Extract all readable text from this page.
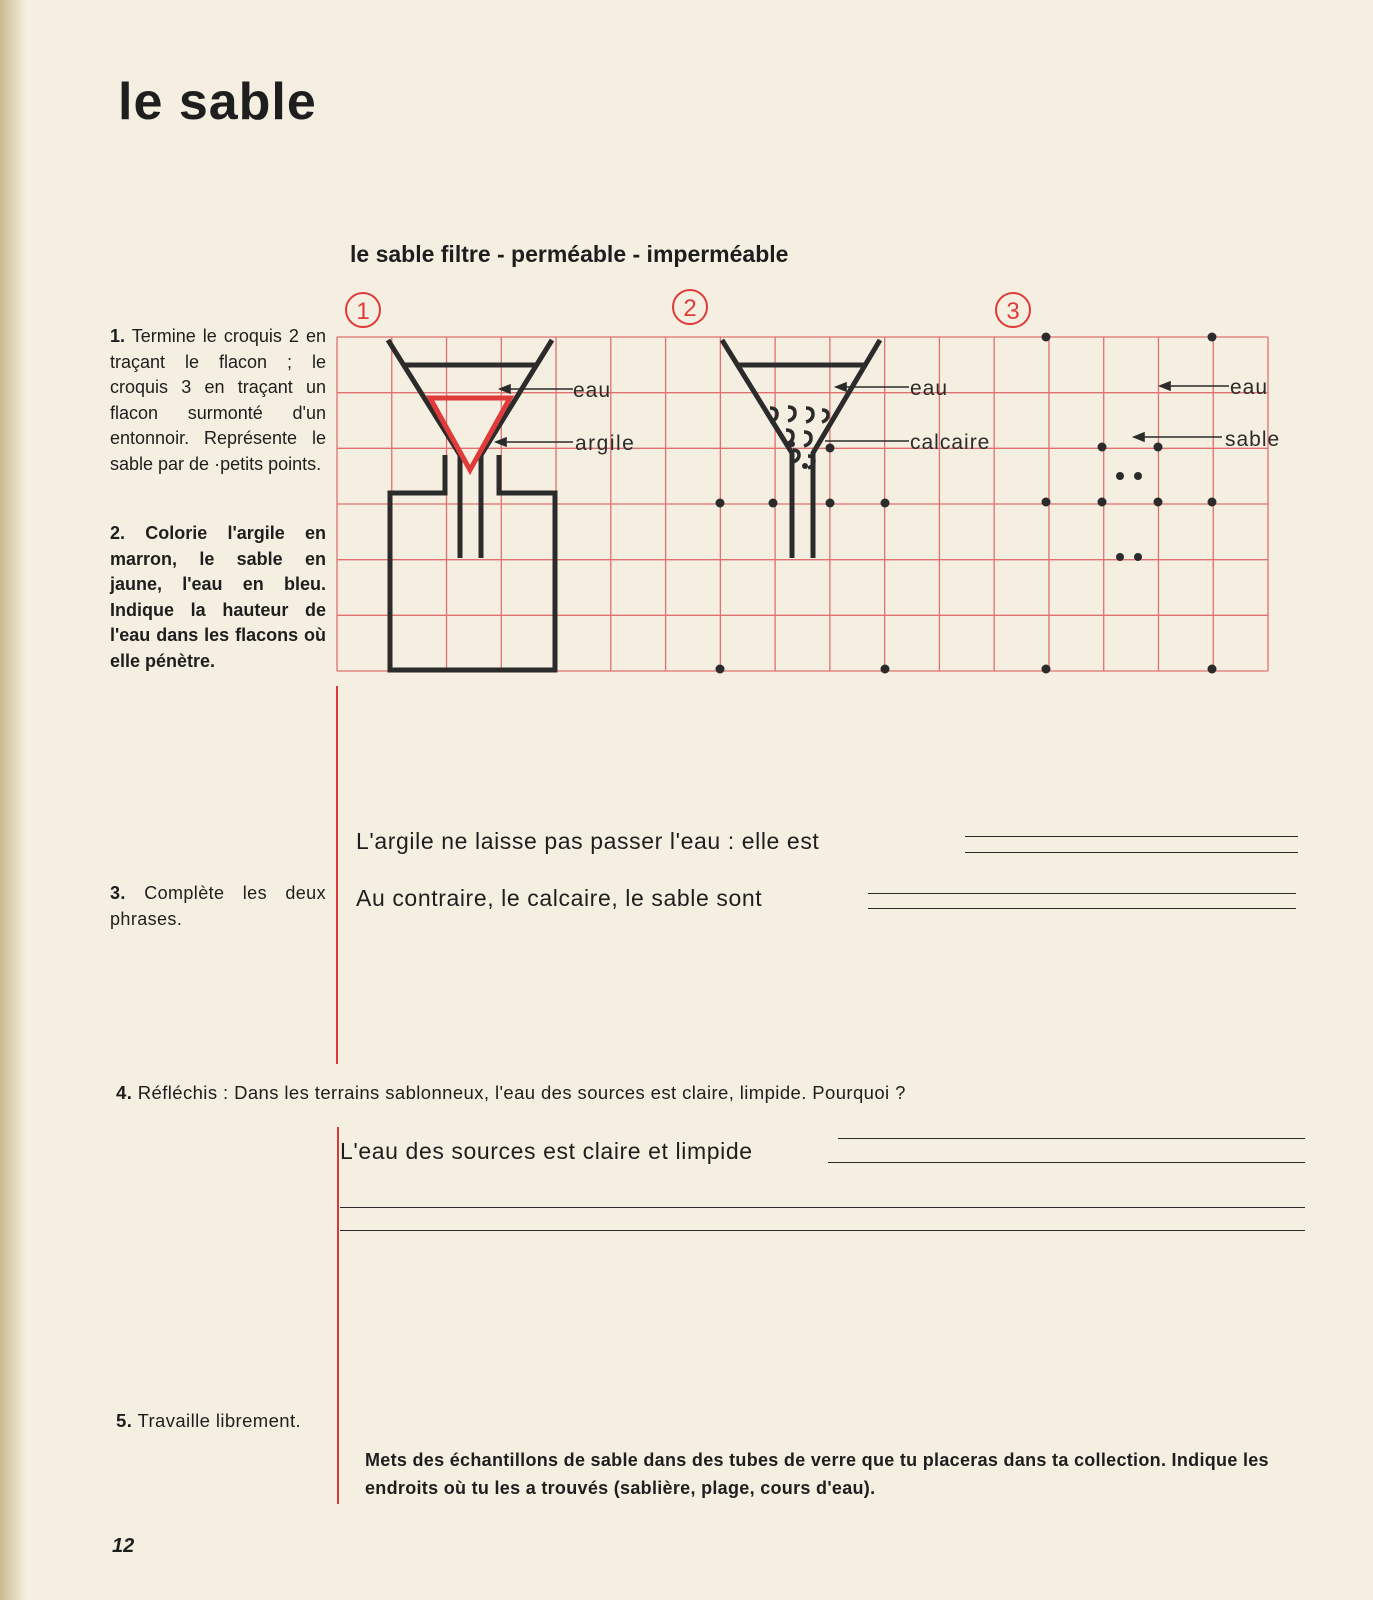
le sable
le sable filtre - perméable - imperméable
1	2	3
eau
argile
eau
calcaire
eau
sable
1. Termine le croquis 2 en traçant le flacon ; le croquis 3 en traçant un flacon surmonté d'un entonnoir. Représente le sable par de ·petits points.
2. Colorie l'argile en marron, le sable en jaune, l'eau en bleu. Indique la hauteur de l'eau dans les flacons où elle pénètre.
3. Complète les deux phrases.
L'argile ne laisse pas passer l'eau : elle est
Au contraire, le calcaire, le sable sont
4. Réfléchis : Dans les terrains sablonneux, l'eau des sources est claire, limpide. Pourquoi ?
L'eau des sources est claire et limpide
5. Travaille librement.
Mets des échantillons de sable dans des tubes de verre que tu placeras dans ta collection. Indique les endroits où tu les a trouvés (sablière, plage, cours d'eau).
12
